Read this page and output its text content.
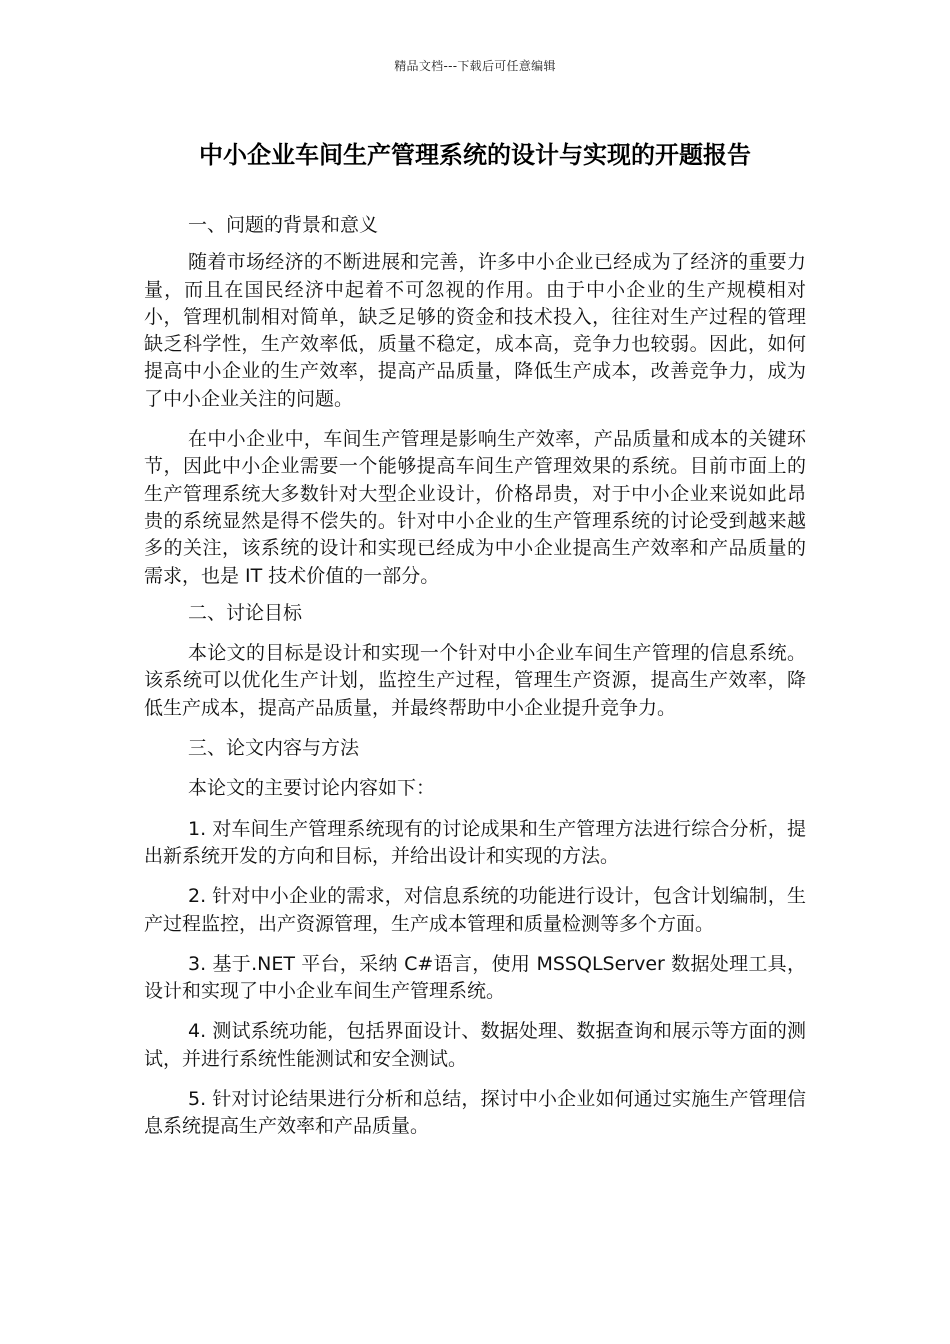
精品文档---下载后可任意编辑
中小企业车间生产管理系统的设计与实现的开题报告

一、问题的背景和意义

随着市场经济的不断进展和完善，许多中小企业已经成为了经济的重要力量，而且在国民经济中起着不可忽视的作用。由于中小企业的生产规模相对小，管理机制相对简单，缺乏足够的资金和技术投入，往往对生产过程的管理缺乏科学性，生产效率低，质量不稳定，成本高，竞争力也较弱。因此，如何提高中小企业的生产效率，提高产品质量，降低生产成本，改善竞争力，成为了中小企业关注的问题。

在中小企业中，车间生产管理是影响生产效率，产品质量和成本的关键环节，因此中小企业需要一个能够提高车间生产管理效果的系统。目前市面上的生产管理系统大多数针对大型企业设计，价格昂贵，对于中小企业来说如此昂贵的系统显然是得不偿失的。针对中小企业的生产管理系统的讨论受到越来越多的关注，该系统的设计和实现已经成为中小企业提高生产效率和产品质量的需求，也是 IT 技术价值的一部分。

二、讨论目标

本论文的目标是设计和实现一个针对中小企业车间生产管理的信息系统。该系统可以优化生产计划，监控生产过程，管理生产资源，提高生产效率，降低生产成本，提高产品质量，并最终帮助中小企业提升竞争力。

三、论文内容与方法

本论文的主要讨论内容如下：

1. 对车间生产管理系统现有的讨论成果和生产管理方法进行综合分析，提出新系统开发的方向和目标，并给出设计和实现的方法。

2. 针对中小企业的需求，对信息系统的功能进行设计，包含计划编制，生产过程监控，出产资源管理，生产成本管理和质量检测等多个方面。

3. 基于.NET 平台，采纳 C#语言，使用 MSSQLServer 数据处理工具，设计和实现了中小企业车间生产管理系统。

4. 测试系统功能，包括界面设计、数据处理、数据查询和展示等方面的测试，并进行系统性能测试和安全测试。

5. 针对讨论结果进行分析和总结，探讨中小企业如何通过实施生产管理信息系统提高生产效率和产品质量。
